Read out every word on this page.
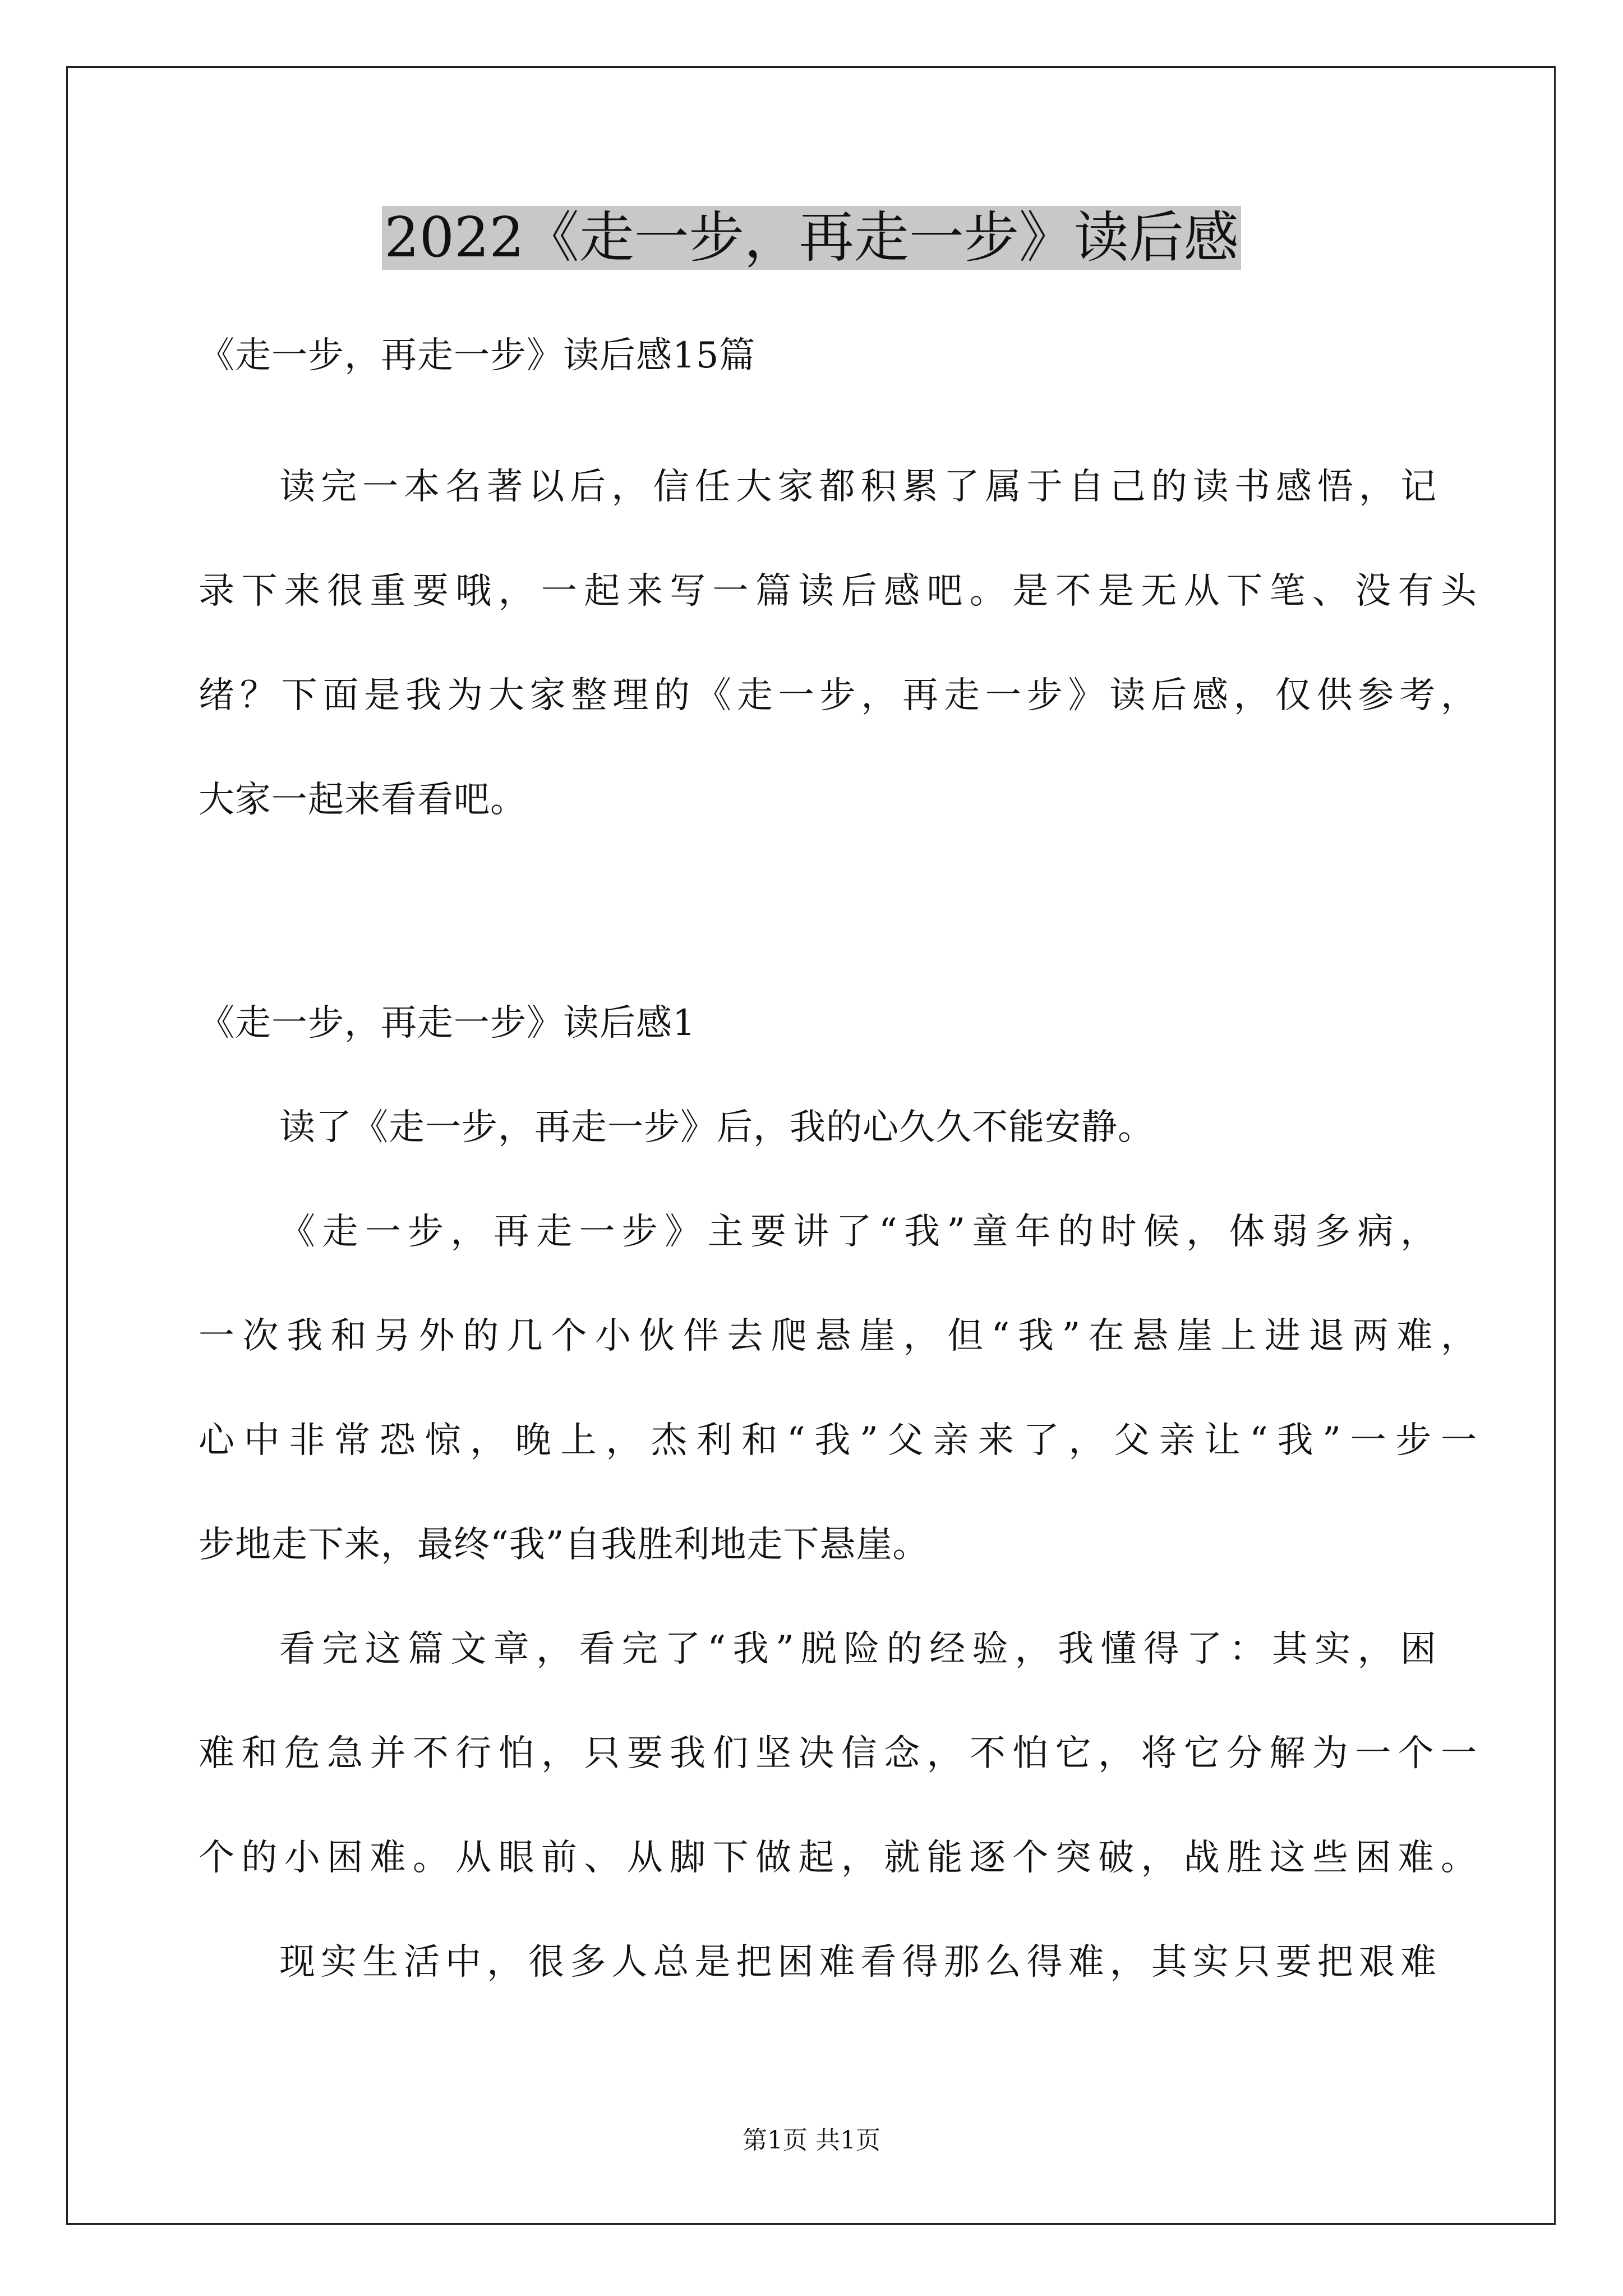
2022《走一步，再走一步》读后感
《走一步，再走一步》读后感15篇
读完一本名著以后，信任大家都积累了属于自己的读书感悟，记
录下来很重要哦，一起来写一篇读后感吧。是不是无从下笔、没有头
绪？下面是我为大家整理的《走一步，再走一步》读后感，仅供参考，
大家一起来看看吧。
《走一步，再走一步》读后感1
读了《走一步，再走一步》后，我的心久久不能安静。
《走一步，再走一步》主要讲了“我”童年的时候，体弱多病，
一次我和另外的几个小伙伴去爬悬崖，但“我”在悬崖上进退两难，
心中非常恐惊，晚上，杰利和“我”父亲来了，父亲让“我”一步一
步地走下来，最终“我”自我胜利地走下悬崖。
看完这篇文章，看完了“我”脱险的经验，我懂得了：其实，困
难和危急并不行怕，只要我们坚决信念，不怕它，将它分解为一个一
个的小困难。从眼前、从脚下做起，就能逐个突破，战胜这些困难。
现实生活中，很多人总是把困难看得那么得难，其实只要把艰难
第1页 共1页
